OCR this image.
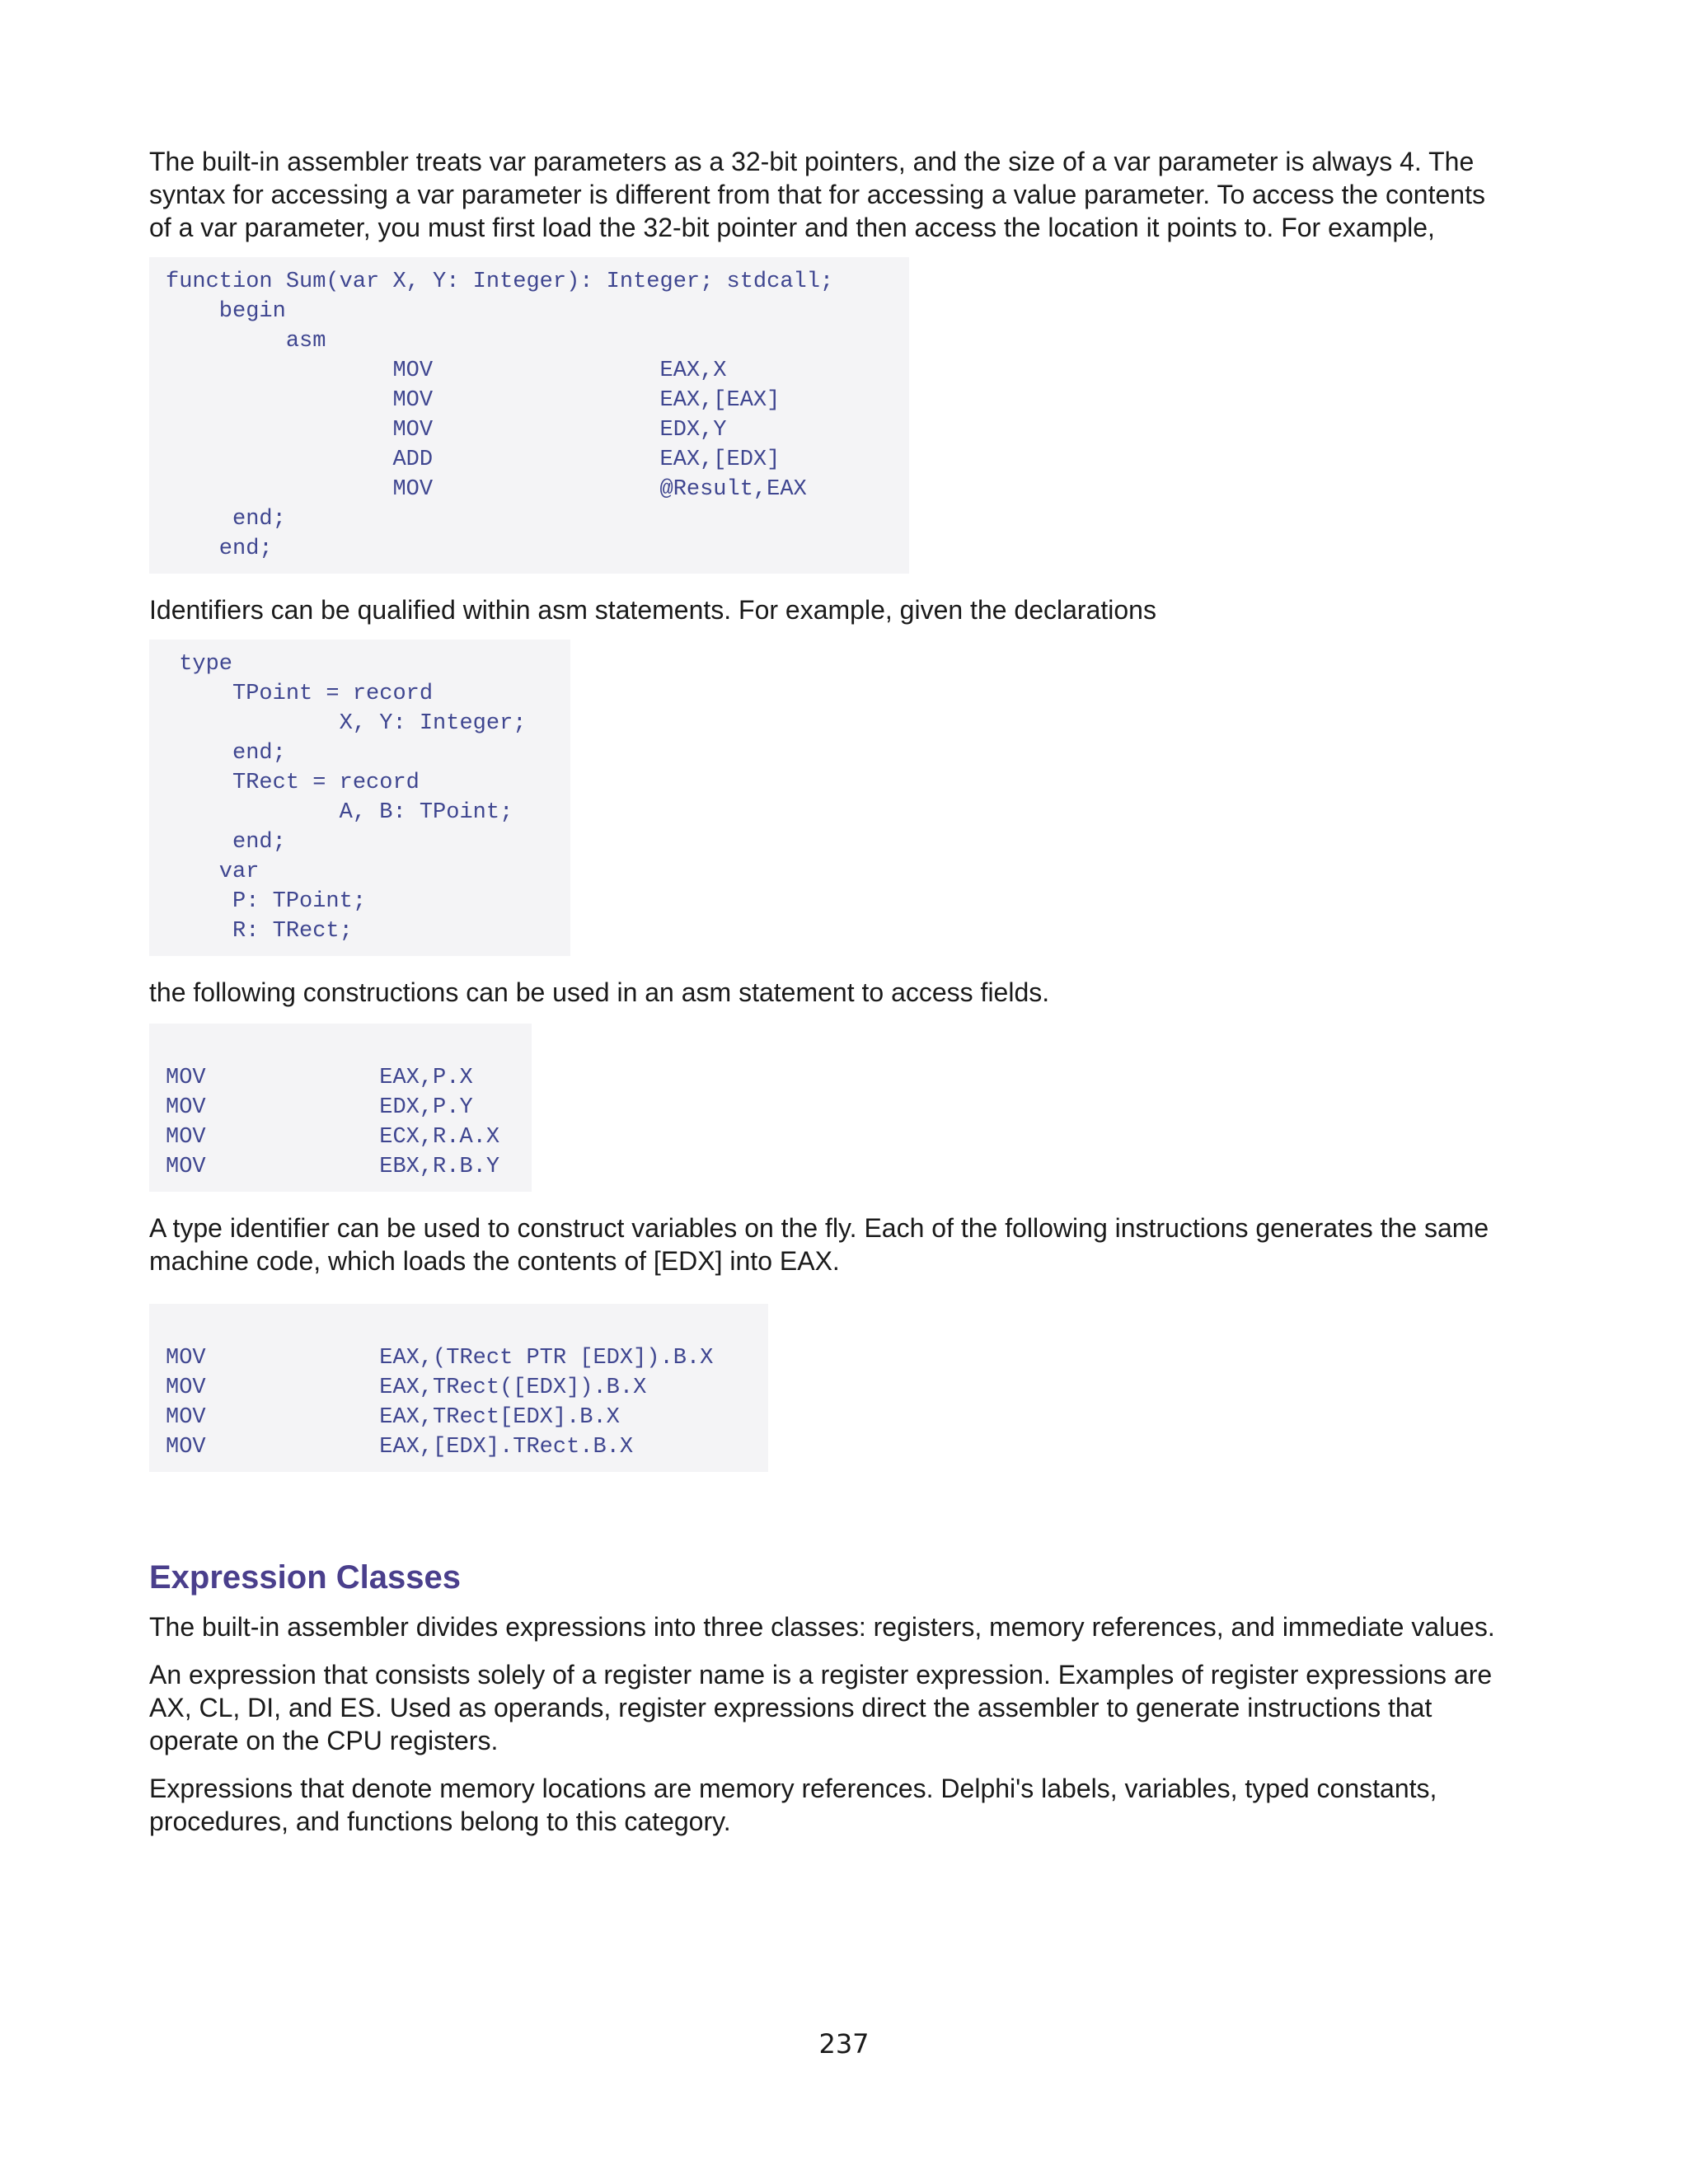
The built-in assembler treats var parameters as a 32-bit pointers, and the size of a var parameter is always 4. The
syntax for accessing a var parameter is different from that for accessing a value parameter. To access the contents
of a var parameter, you must first load the 32-bit pointer and then access the location it points to. For example,

function Sum(var X, Y: Integer): Integer; stdcall;
begin
asm
MOV                 EAX,X
MOV                 EAX,[EAX]
MOV                 EDX,Y
ADD                 EAX,[EDX]
MOV                 @Result,EAX
end;
end;

Identifiers can be qualified within asm statements. For example, given the declarations

type
TPoint = record
X, Y: Integer;
end;
TRect = record
A, B: TPoint;
end;
var
P: TPoint;
R: TRect;

the following constructions can be used in an asm statement to access fields.

MOV             EAX,P.X
MOV             EDX,P.Y
MOV             ECX,R.A.X
MOV             EBX,R.B.Y

A type identifier can be used to construct variables on the fly. Each of the following instructions generates the same
machine code, which loads the contents of [EDX] into EAX.

MOV             EAX,(TRect PTR [EDX]).B.X
MOV             EAX,TRect([EDX]).B.X
MOV             EAX,TRect[EDX].B.X
MOV             EAX,[EDX].TRect.B.X
Expression Classes

The built-in assembler divides expressions into three classes: registers, memory references, and immediate values.

An expression that consists solely of a register name is a register expression. Examples of register expressions are
AX, CL, DI, and ES. Used as operands, register expressions direct the assembler to generate instructions that
operate on the CPU registers.

Expressions that denote memory locations are memory references. Delphi's labels, variables, typed constants,
procedures, and functions belong to this category.

237
